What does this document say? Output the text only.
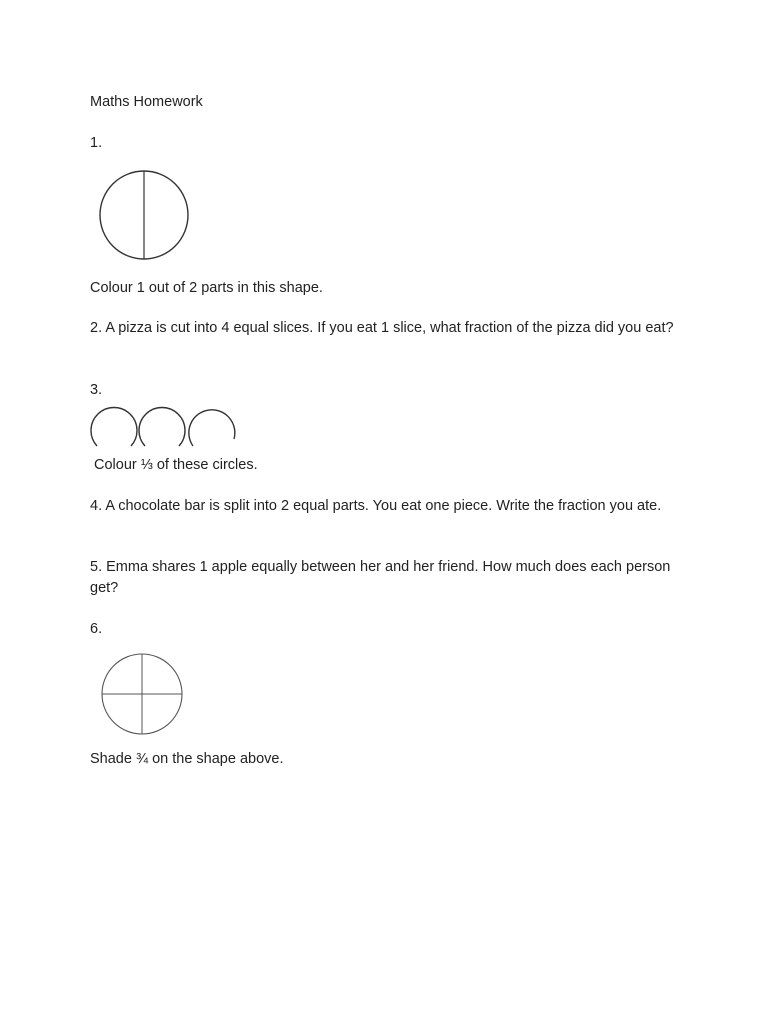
Maths Homework
1.
Colour 1 out of 2 parts in this shape.
2. A pizza is cut into 4 equal slices. If you eat 1 slice, what fraction of the pizza did you eat?
3.
Colour ⅓ of these circles.
4. A chocolate bar is split into 2 equal parts. You eat one piece. Write the fraction you ate.
5. Emma shares 1 apple equally between her and her friend. How much does each person get?
6.
Shade ¾ on the shape above.
